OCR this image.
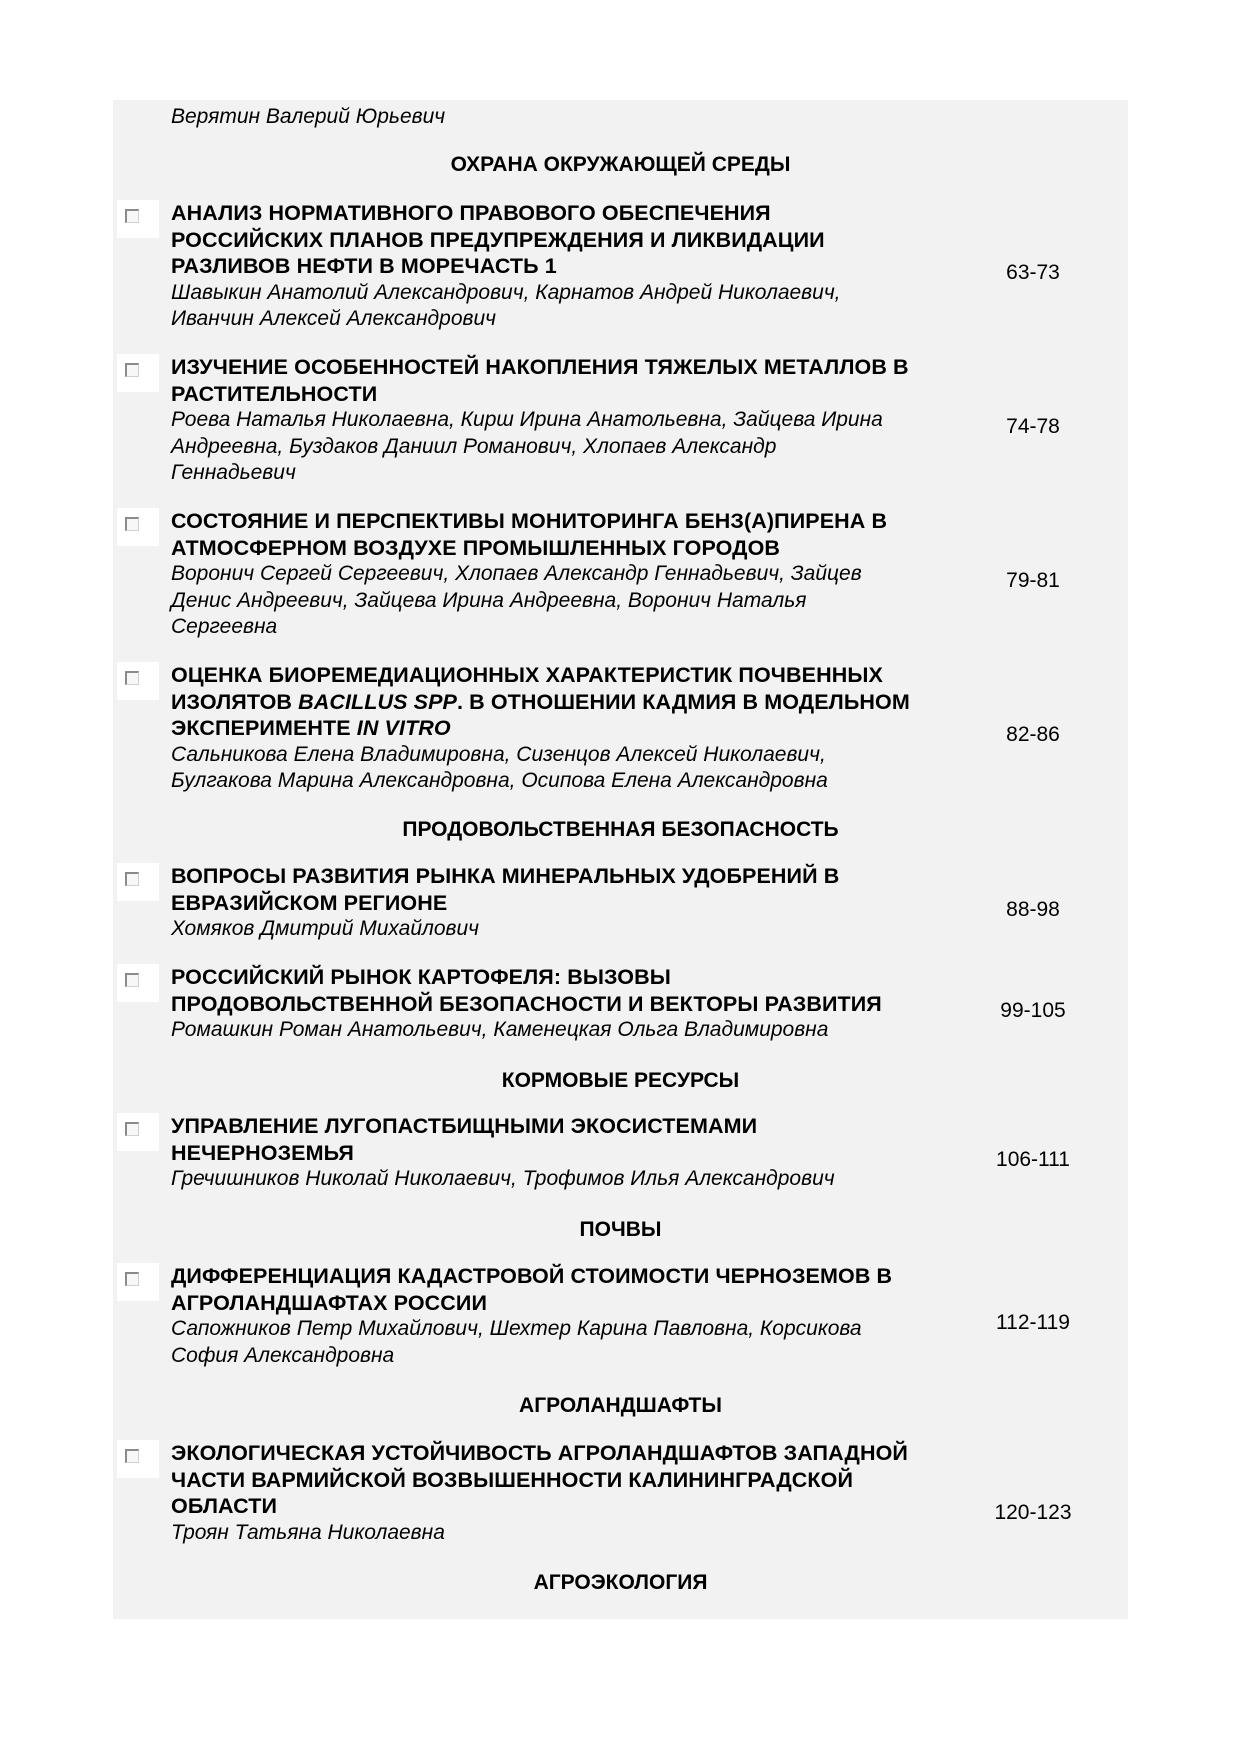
Верятин Валерий Юрьевич
ОХРАНА ОКРУЖАЮЩЕЙ СРЕДЫ
АНАЛИЗ НОРМАТИВНОГО ПРАВОВОГО ОБЕСПЕЧЕНИЯ
РОССИЙСКИХ ПЛАНОВ ПРЕДУПРЕЖДЕНИЯ И ЛИКВИДАЦИИ
РАЗЛИВОВ НЕФТИ В МОРЕЧАСТЬ 1
Шавыкин Анатолий Александрович, Карнатов Андрей Николаевич,
Иванчин Алексей Александрович
63-73
ИЗУЧЕНИЕ ОСОБЕННОСТЕЙ НАКОПЛЕНИЯ ТЯЖЕЛЫХ МЕТАЛЛОВ В
РАСТИТЕЛЬНОСТИ
Роева Наталья Николаевна, Кирш Ирина Анатольевна, Зайцева Ирина
Андреевна, Буздаков Даниил Романович, Хлопаев Александр
Геннадьевич
74-78
СОСТОЯНИЕ И ПЕРСПЕКТИВЫ МОНИТОРИНГА БЕНЗ(А)ПИРЕНА В
АТМОСФЕРНОМ ВОЗДУХЕ ПРОМЫШЛЕННЫХ ГОРОДОВ
Воронич Сергей Сергеевич, Хлопаев Александр Геннадьевич, Зайцев
Денис Андреевич, Зайцева Ирина Андреевна, Воронич Наталья
Сергеевна
79-81
ОЦЕНКА БИОРЕМЕДИАЦИОННЫХ ХАРАКТЕРИСТИК ПОЧВЕННЫХ
ИЗОЛЯТОВ BACILLUS SPP. В ОТНОШЕНИИ КАДМИЯ В МОДЕЛЬНОМ
ЭКСПЕРИМЕНТЕ IN VITRO
Сальникова Елена Владимировна, Сизенцов Алексей Николаевич,
Булгакова Марина Александровна, Осипова Елена Александровна
82-86
ПРОДОВОЛЬСТВЕННАЯ БЕЗОПАСНОСТЬ
ВОПРОСЫ РАЗВИТИЯ РЫНКА МИНЕРАЛЬНЫХ УДОБРЕНИЙ В
ЕВРАЗИЙСКОМ РЕГИОНЕ
Хомяков Дмитрий Михайлович
88-98
РОССИЙСКИЙ РЫНОК КАРТОФЕЛЯ: ВЫЗОВЫ
ПРОДОВОЛЬСТВЕННОЙ БЕЗОПАСНОСТИ И ВЕКТОРЫ РАЗВИТИЯ
Ромашкин Роман Анатольевич, Каменецкая Ольга Владимировна
99-105
КОРМОВЫЕ РЕСУРСЫ
УПРАВЛЕНИЕ ЛУГОПАСТБИЩНЫМИ ЭКОСИСТЕМАМИ
НЕЧЕРНОЗЕМЬЯ
Гречишников Николай Николаевич, Трофимов Илья Александрович
106-111
ПОЧВЫ
ДИФФЕРЕНЦИАЦИЯ КАДАСТРОВОЙ СТОИМОСТИ ЧЕРНОЗЕМОВ В
АГРОЛАНДШАФТАХ РОССИИ
Сапожников Петр Михайлович, Шехтер Карина Павловна, Корсикова
София Александровна
112-119
АГРОЛАНДШАФТЫ
ЭКОЛОГИЧЕСКАЯ УСТОЙЧИВОСТЬ АГРОЛАНДШАФТОВ ЗАПАДНОЙ
ЧАСТИ ВАРМИЙСКОЙ ВОЗВЫШЕННОСТИ КАЛИНИНГРАДСКОЙ
ОБЛАСТИ
Троян Татьяна Николаевна
120-123
АГРОЭКОЛОГИЯ
